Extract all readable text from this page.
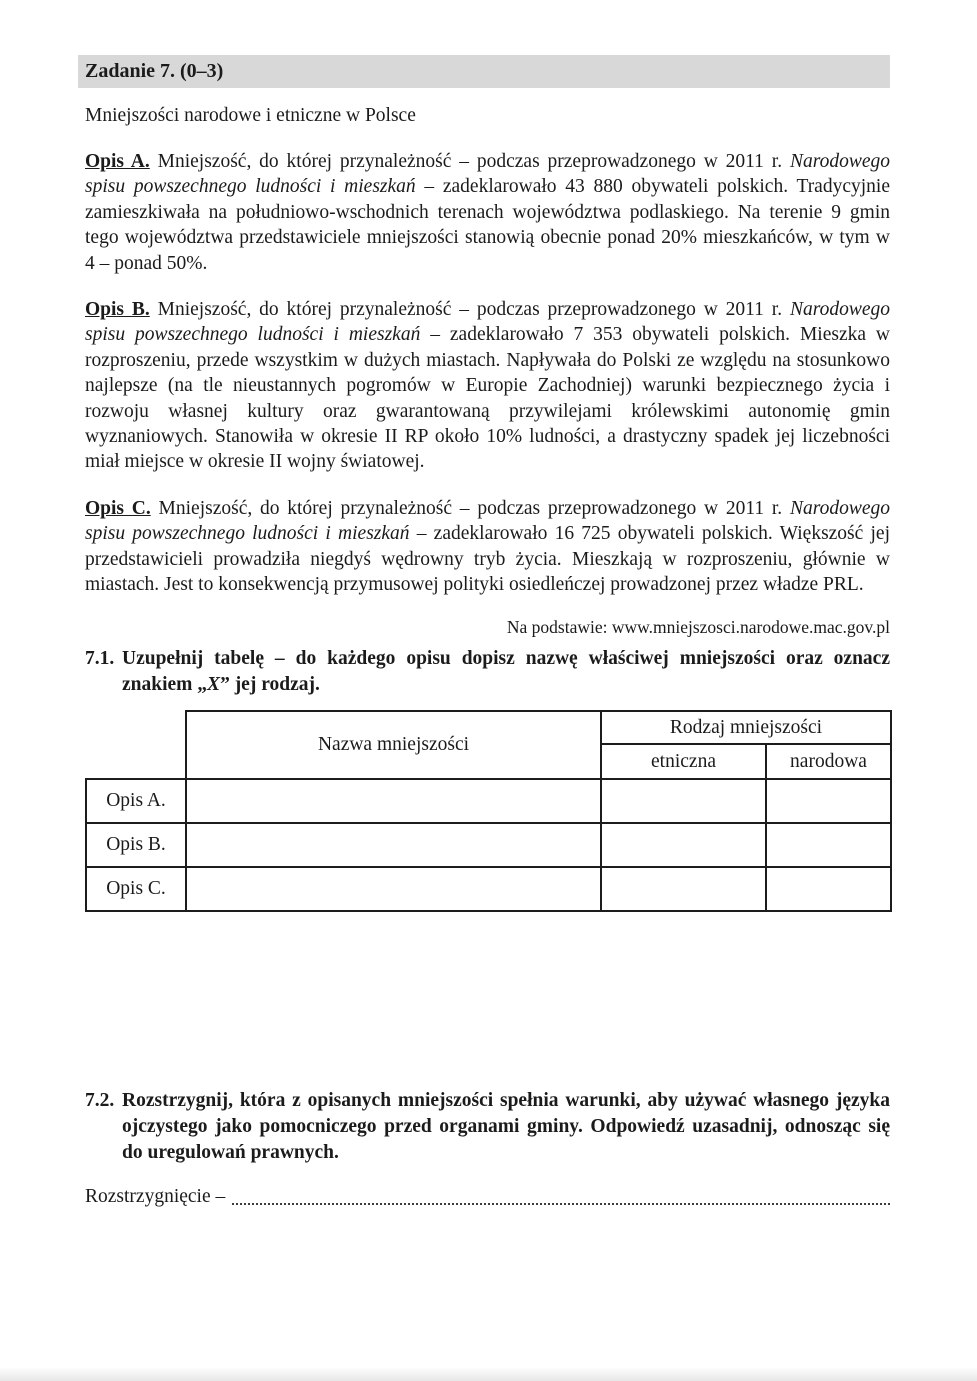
Zadanie 7. (0–3)
Mniejszości narodowe i etniczne w Polsce

Opis A. Mniejszość, do której przynależność – podczas przeprowadzonego w 2011 r. Narodowego spisu powszechnego ludności i mieszkań – zadeklarowało 43 880 obywateli polskich. Tradycyjnie zamieszkiwała na południowo-wschodnich terenach województwa podlaskiego. Na terenie 9 gmin tego województwa przedstawiciele mniejszości stanowią obecnie ponad 20% mieszkańców, w tym w 4 – ponad 50%.

Opis B. Mniejszość, do której przynależność – podczas przeprowadzonego w 2011 r. Narodowego spisu powszechnego ludności i mieszkań – zadeklarowało 7 353 obywateli polskich. Mieszka w rozproszeniu, przede wszystkim w dużych miastach. Napływała do Polski ze względu na stosunkowo najlepsze (na tle nieustannych pogromów w Europie Zachodniej) warunki bezpiecznego życia i rozwoju własnej kultury oraz gwarantowaną przywilejami królewskimi autonomię gmin wyznaniowych. Stanowiła w okresie II RP około 10% ludności, a drastyczny spadek jej liczebności miał miejsce w okresie II wojny światowej.

Opis C. Mniejszość, do której przynależność – podczas przeprowadzonego w 2011 r. Narodowego spisu powszechnego ludności i mieszkań – zadeklarowało 16 725 obywateli polskich. Większość jej przedstawicieli prowadziła niegdyś wędrowny tryb życia. Mieszkają w rozproszeniu, głównie w miastach. Jest to konsekwencją przymusowej polityki osiedleńczej prowadzonej przez władze PRL.

Na podstawie: www.mniejszosci.narodowe.mac.gov.pl
7.1. Uzupełnij tabelę – do każdego opisu dopisz nazwę właściwej mniejszości oraz oznacz znakiem „X” jej rodzaj.
	Nazwa mniejszości	Rodzaj mniejszości	
		etniczna	narodowa
Opis A.			
Opis B.			
Opis C.			
7.2. Rozstrzygnij, która z opisanych mniejszości spełnia warunki, aby używać własnego języka ojczystego jako pomocniczego przed organami gminy. Odpowiedź uzasadnij, odnosząc się do uregulowań prawnych.
Rozstrzygnięcie –
